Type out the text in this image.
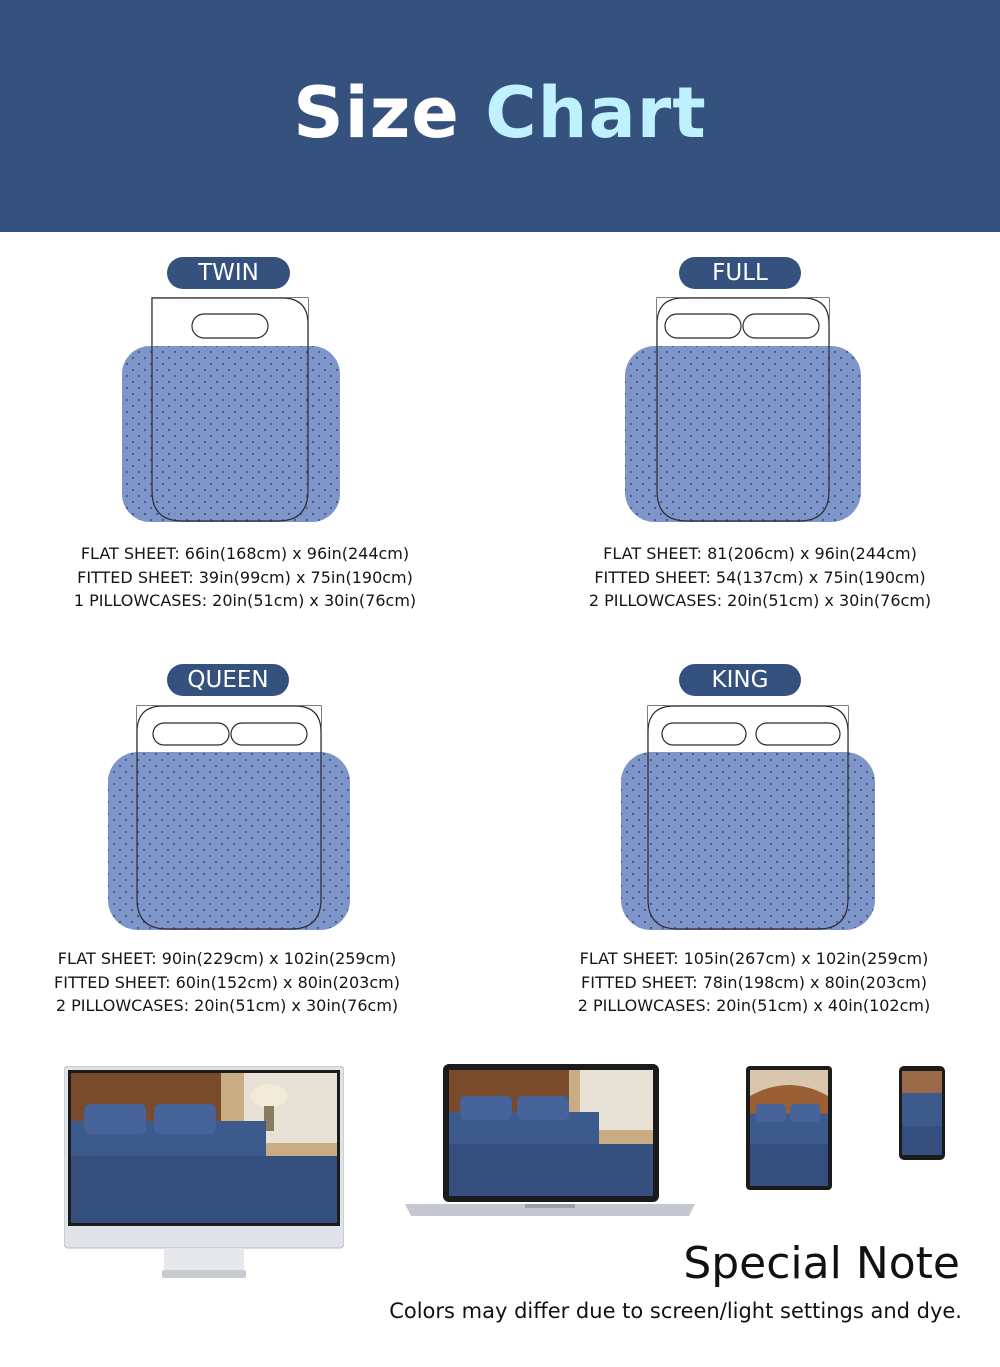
Size Chart
TWIN
FLAT SHEET: 66in(168cm) x 96in(244cm)
FITTED SHEET: 39in(99cm) x 75in(190cm)
1 PILLOWCASES: 20in(51cm) x 30in(76cm)
FULL
FLAT SHEET: 81(206cm) x 96in(244cm)
FITTED SHEET: 54(137cm) x 75in(190cm)
2 PILLOWCASES: 20in(51cm) x 30in(76cm)
QUEEN
FLAT SHEET: 90in(229cm) x 102in(259cm)
FITTED SHEET: 60in(152cm) x 80in(203cm)
2 PILLOWCASES: 20in(51cm) x 30in(76cm)
KING
FLAT SHEET: 105in(267cm) x 102in(259cm)
FITTED SHEET: 78in(198cm) x 80in(203cm)
2 PILLOWCASES: 20in(51cm) x 40in(102cm)
Special Note
Colors may differ due to screen/light settings and dye.
